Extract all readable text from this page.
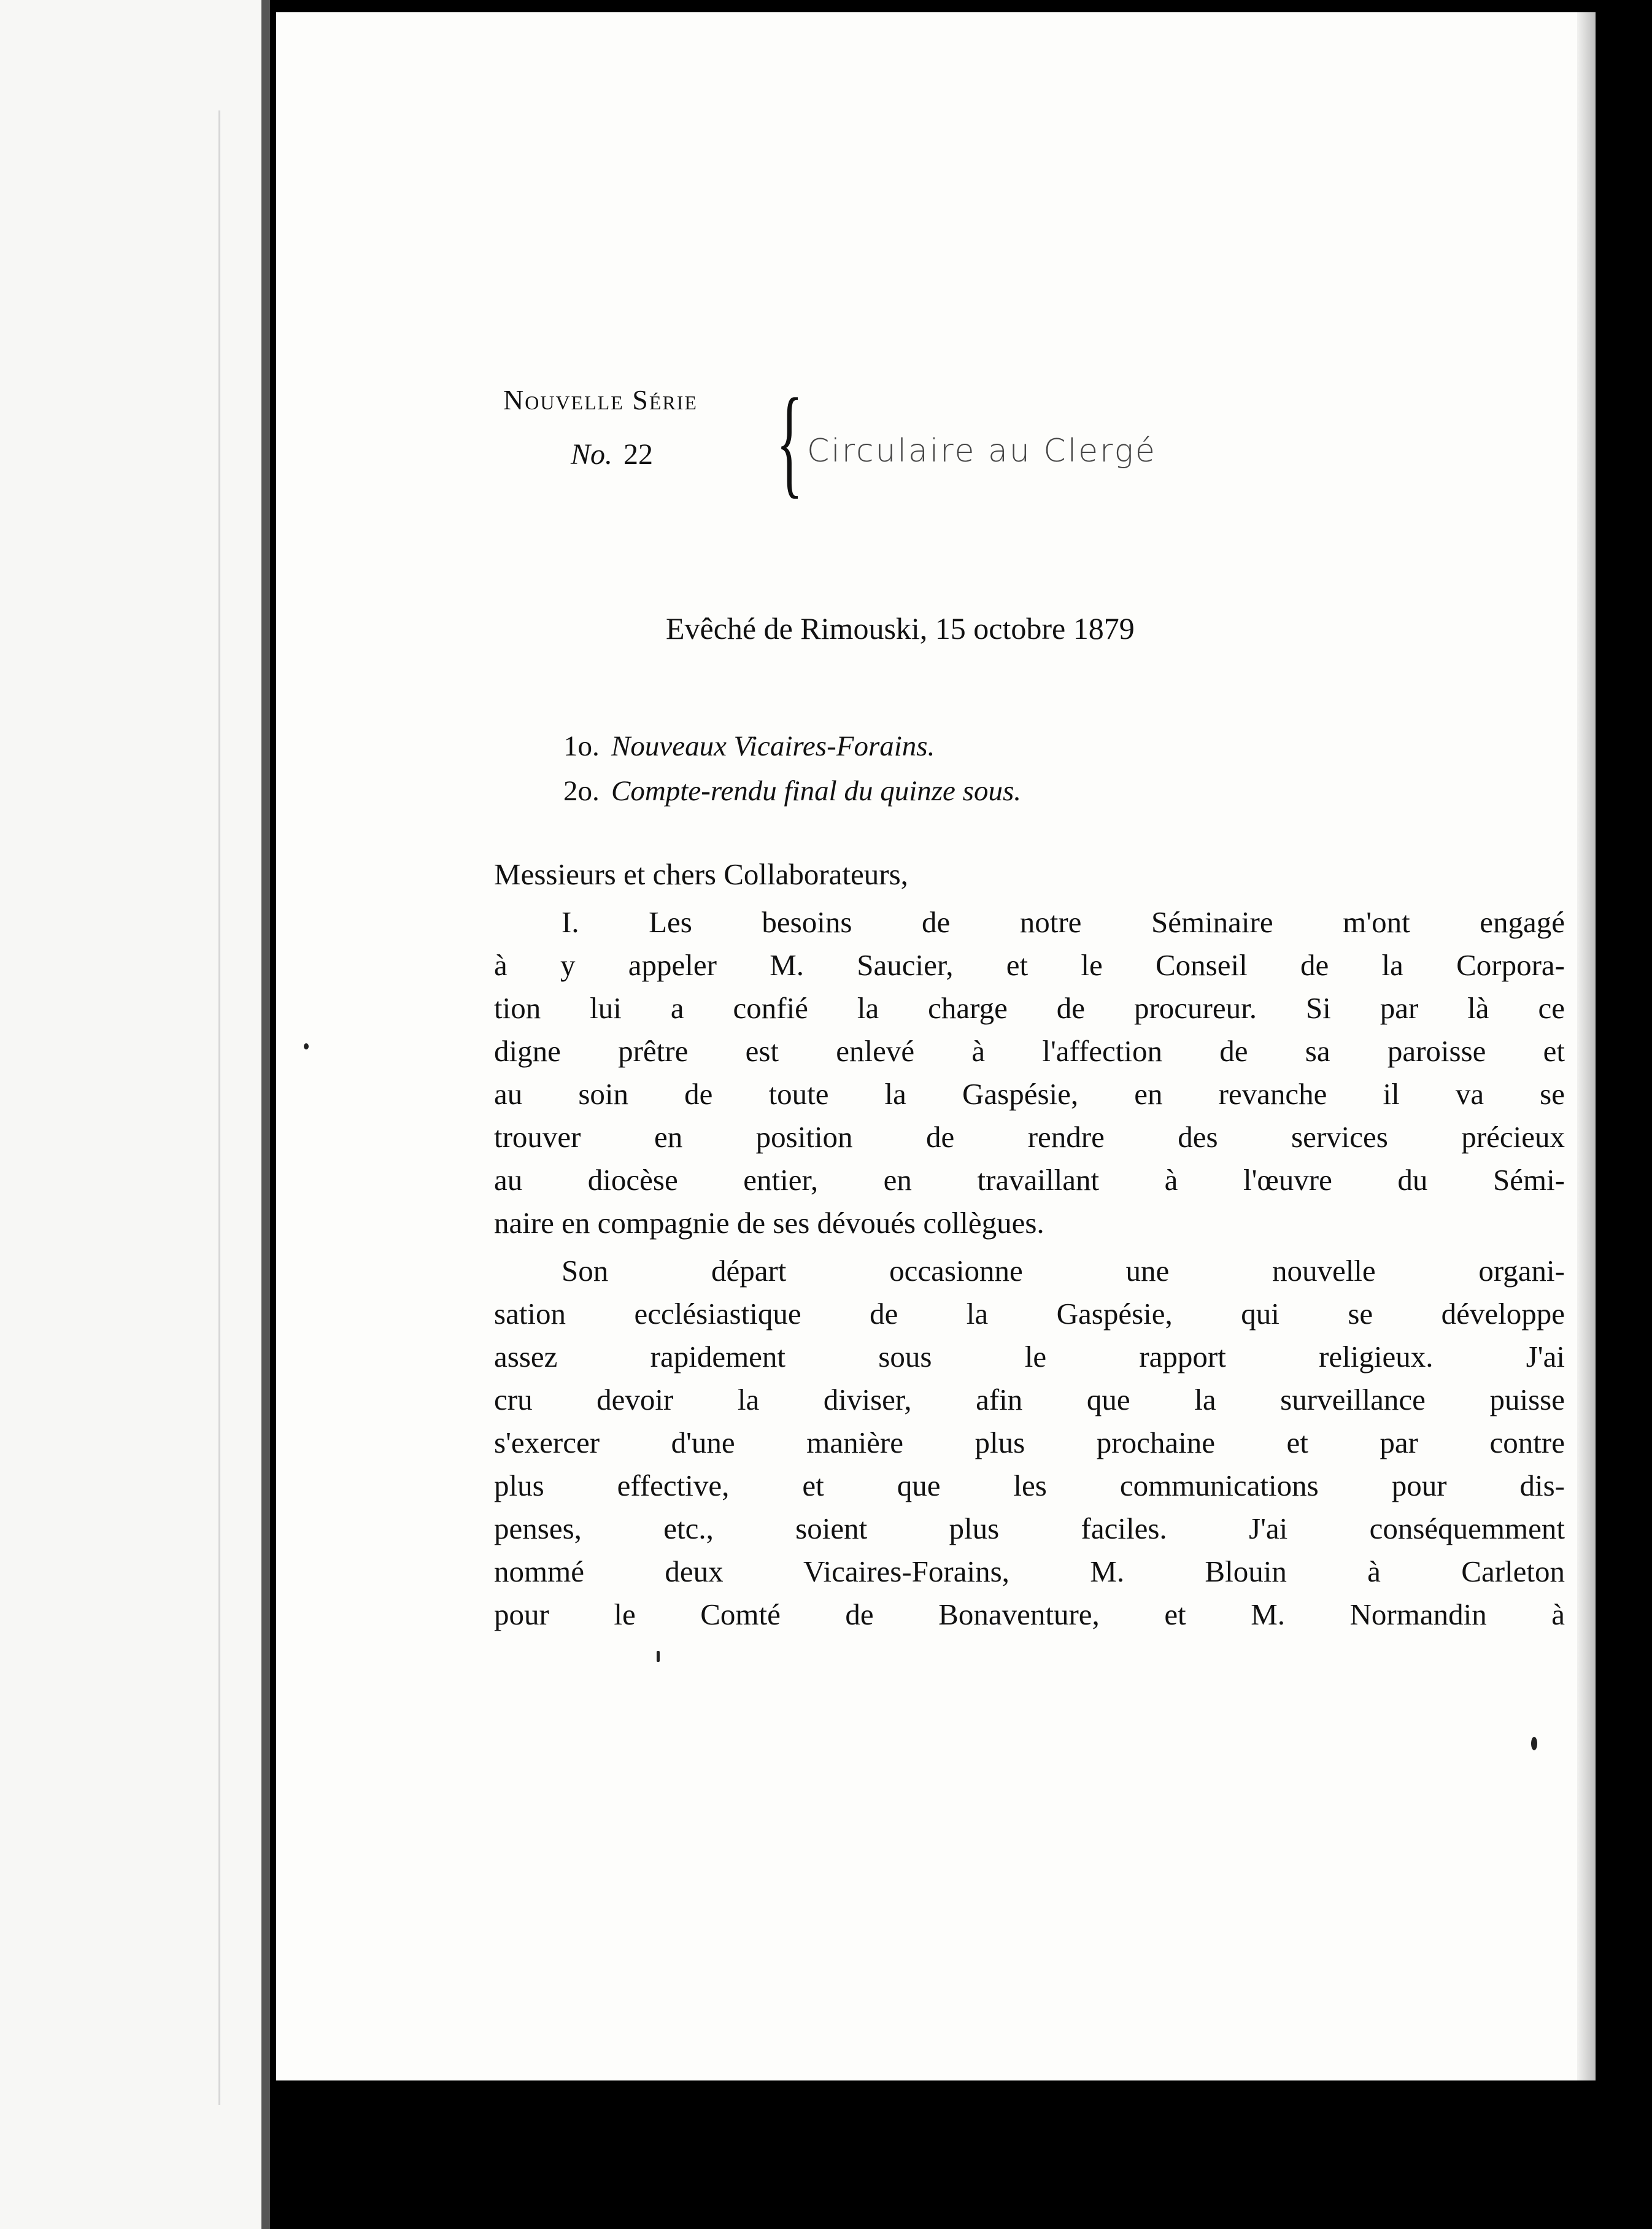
Nouvelle Série
No. 22	{ Circulaire au Clergé
Evêché de Rimouski, 15 octobre 1879
1o. Nouveaux Vicaires-Forains.
2o. Compte-rendu final du quinze sous.
Messieurs et chers Collaborateurs,
I. Les besoins de notre Séminaire m'ont engagé
à y appeler M. Saucier, et le Conseil de la Corpora-
tion lui a confié la charge de procureur. Si par là ce
digne prêtre est enlevé à l'affection de sa paroisse et
au soin de toute la Gaspésie, en revanche il va se
trouver en position de rendre des services précieux
au diocèse entier, en travaillant à l'œuvre du Sémi-
naire en compagnie de ses dévoués collègues.
Son départ occasionne une nouvelle organi-
sation ecclésiastique de la Gaspésie, qui se développe
assez rapidement sous le rapport religieux. J'ai
cru devoir la diviser, afin que la surveillance puisse
s'exercer d'une manière plus prochaine et par contre
plus effective, et que les communications pour dis-
penses, etc., soient plus faciles. J'ai conséquemment
nommé deux Vicaires-Forains, M. Blouin à Carleton
pour le Comté de Bonaventure, et M. Normandin à
